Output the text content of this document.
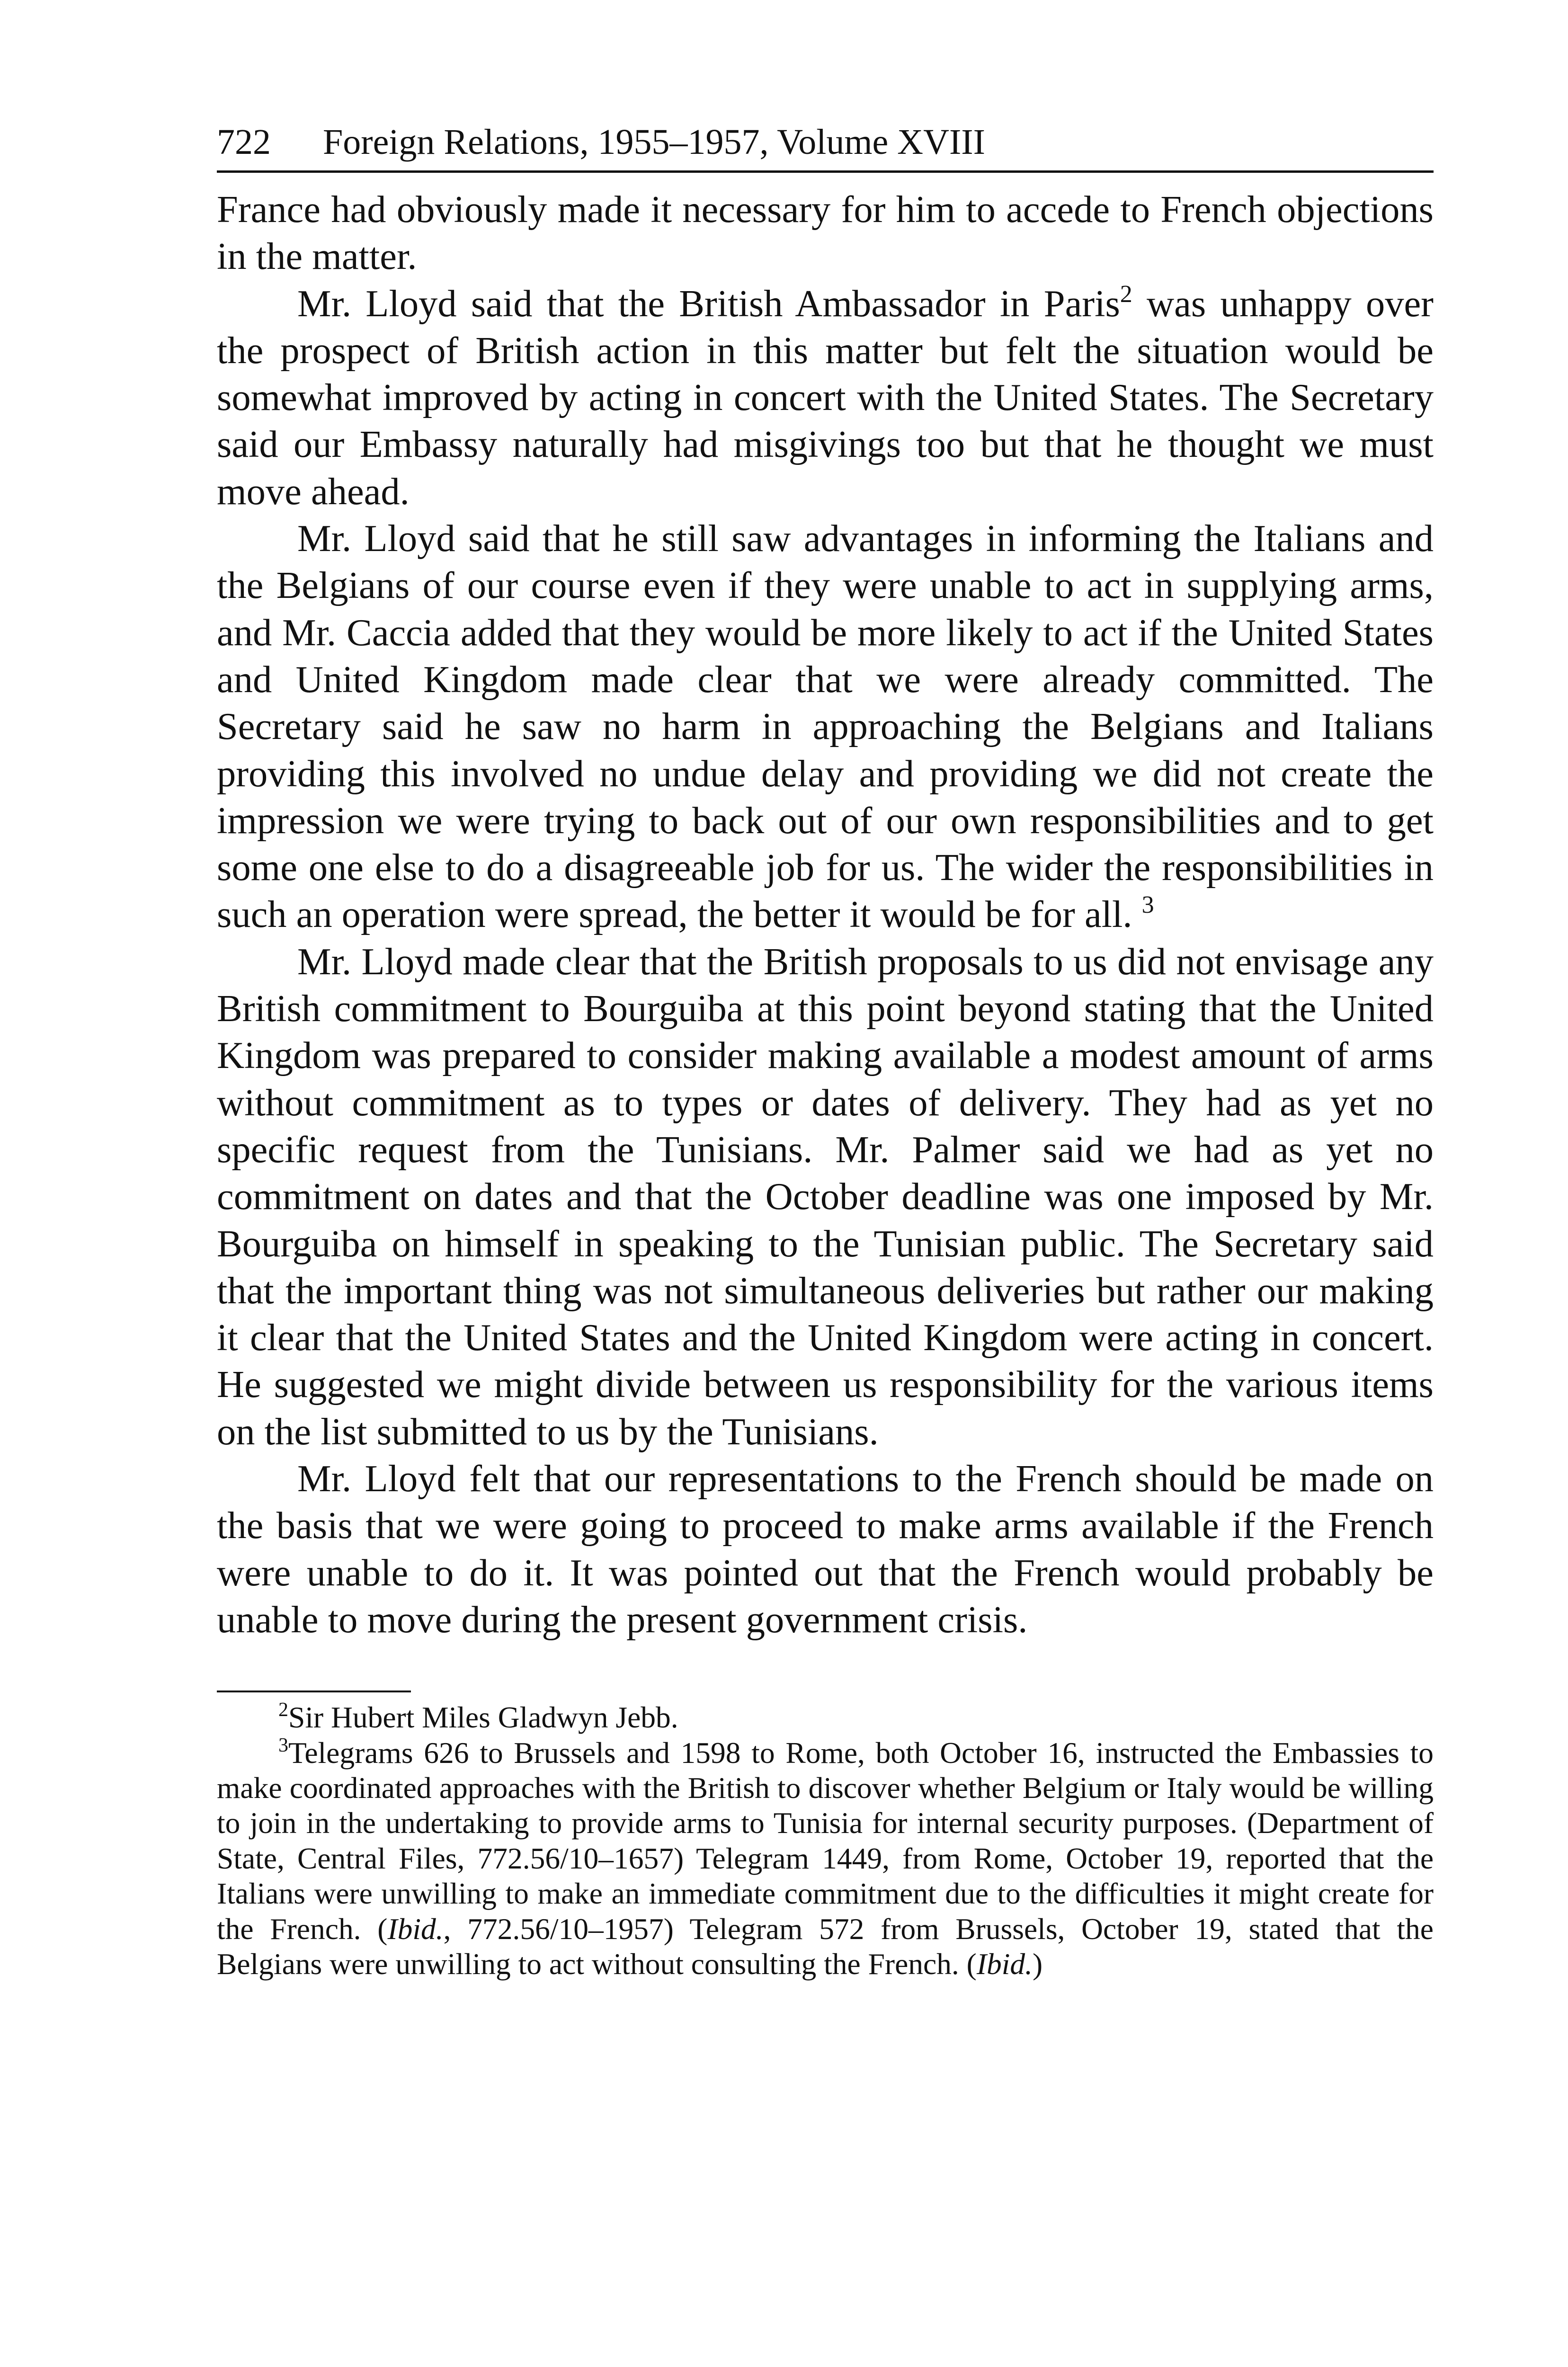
722 Foreign Relations, 1955–1957, Volume XVIII

France had obviously made it necessary for him to accede to French objections in the matter.

Mr. Lloyd said that the British Ambassador in Paris$^2$ was unhappy over the prospect of British action in this matter but felt the situation would be somewhat improved by acting in concert with the United States. The Secretary said our Embassy naturally had misgivings too but that he thought we must move ahead.

Mr. Lloyd said that he still saw advantages in informing the Italians and the Belgians of our course even if they were unable to act in supplying arms, and Mr. Caccia added that they would be more likely to act if the United States and United Kingdom made clear that we were already committed. The Secretary said he saw no harm in approaching the Belgians and Italians providing this involved no undue delay and providing we did not create the impression we were trying to back out of our own responsibilities and to get some one else to do a disagreeable job for us. The wider the responsibilities in such an operation were spread, the better it would be for all. $^3$

Mr. Lloyd made clear that the British proposals to us did not envisage any British commitment to Bourguiba at this point beyond stating that the United Kingdom was prepared to consider making available a modest amount of arms without commitment as to types or dates of delivery. They had as yet no specific request from the Tunisians. Mr. Palmer said we had as yet no commitment on dates and that the October deadline was one imposed by Mr. Bourguiba on himself in speaking to the Tunisian public. The Secretary said that the important thing was not simultaneous deliveries but rather our making it clear that the United States and the United Kingdom were acting in concert. He suggested we might divide between us responsibility for the various items on the list submitted to us by the Tunisians.

Mr. Lloyd felt that our representations to the French should be made on the basis that we were going to proceed to make arms available if the French were unable to do it. It was pointed out that the French would probably be unable to move during the present government crisis.

$^2$Sir Hubert Miles Gladwyn Jebb.

$^3$Telegrams 626 to Brussels and 1598 to Rome, both October 16, instructed the Embassies to make coordinated approaches with the British to discover whether Belgium or Italy would be willing to join in the undertaking to provide arms to Tunisia for internal security purposes. (Department of State, Central Files, 772.56/10–1657) Telegram 1449, from Rome, October 19, reported that the Italians were unwilling to make an immediate commitment due to the difficulties it might create for the French. (Ibid., 772.56/10–1957) Telegram 572 from Brussels, October 19, stated that the Belgians were unwilling to act without consulting the French. (Ibid.)
